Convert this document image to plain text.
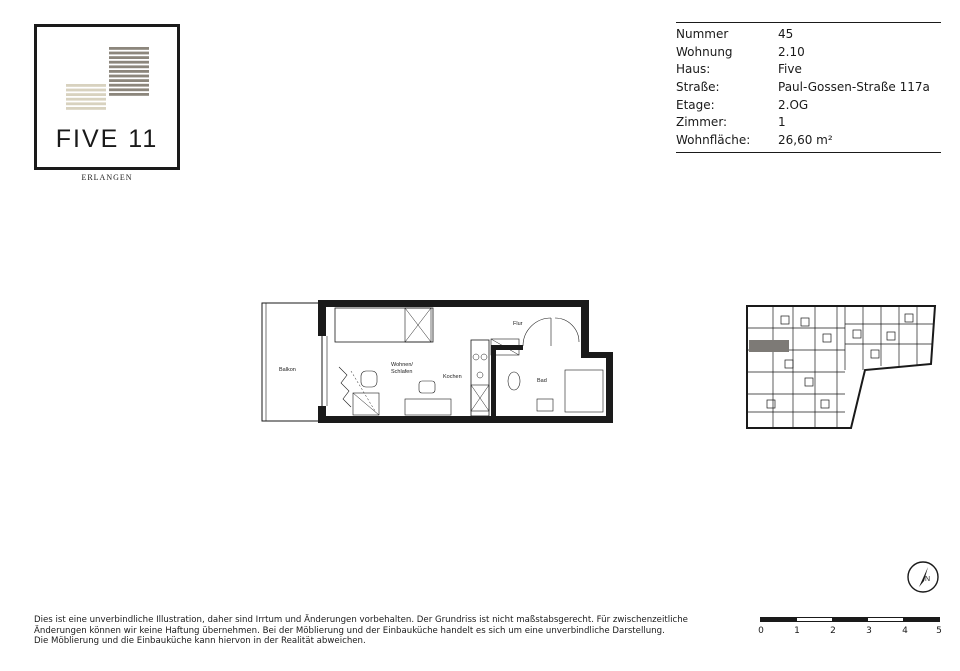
FIVE 11
ERLANGEN
Nummer	45
Wohnung	2.10
Haus:	Five
Straße:	Paul-Gossen-Straße 117a
Etage:	2.OG
Zimmer:	1
Wohnfläche:	26,60 m²
Balkon
Wohnen/
Schlafen
Kochen
Flur
Bad
N
Dies ist eine unverbindliche Illustration, daher sind Irrtum und Änderungen vorbehalten. Der Grundriss ist nicht maßstabsgerecht. Für zwischenzeitliche
Änderungen können wir keine Haftung übernehmen. Bei der Möblierung und der Einbauküche handelt es sich um eine unverbindliche Darstellung.
Die Möblierung und die Einbauküche kann hiervon in der Realität abweichen.
0	1	2	3	4	5
